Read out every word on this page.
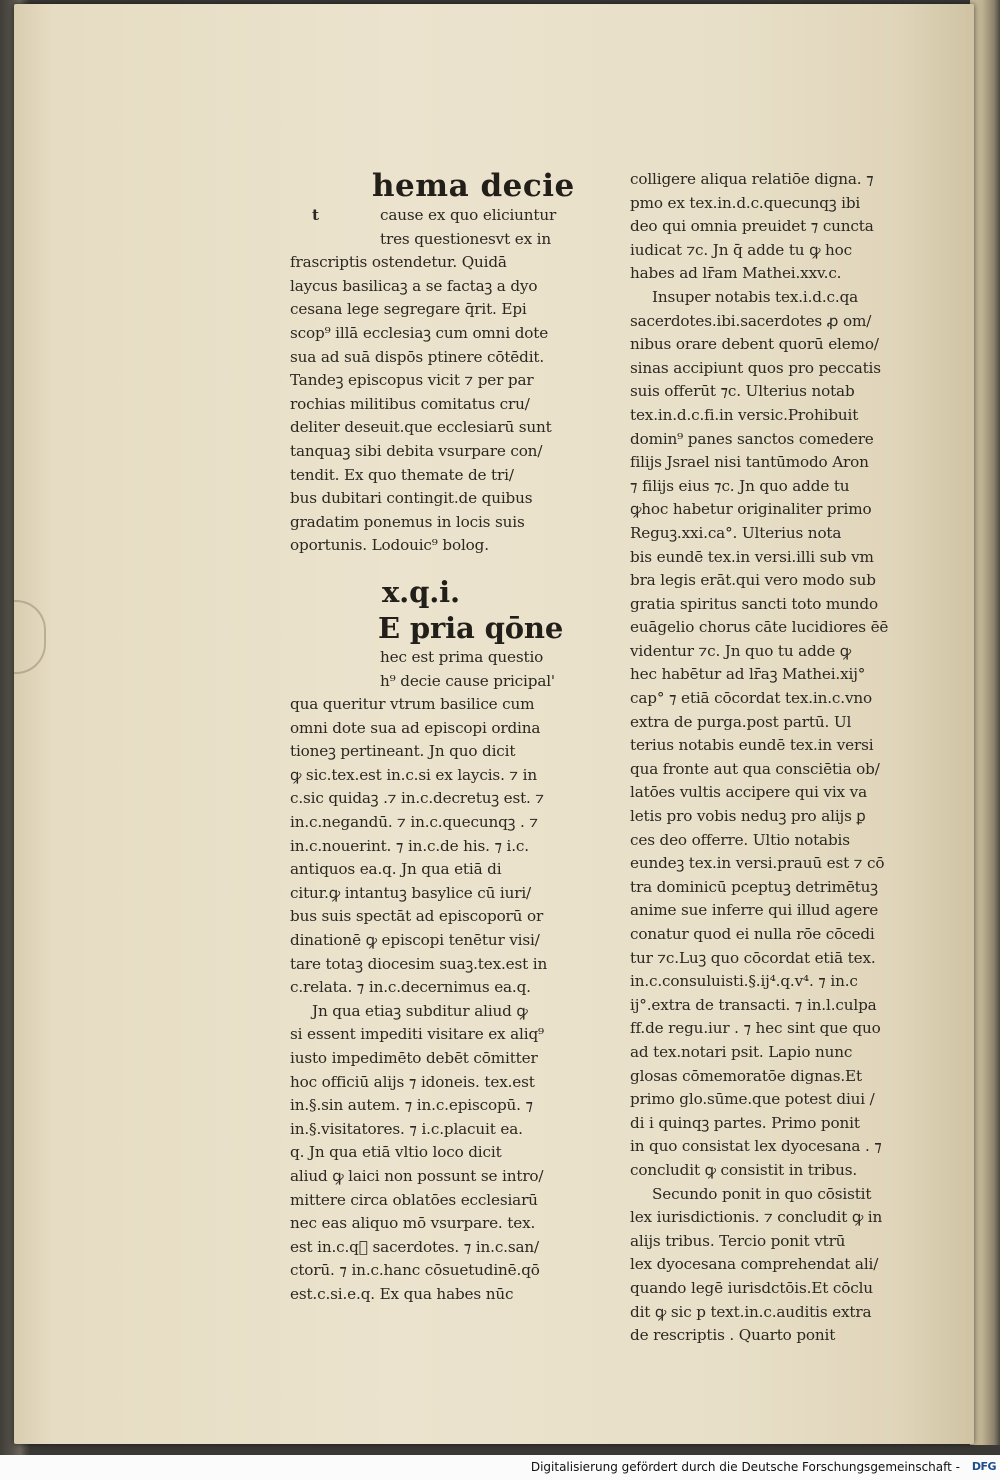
hema decie
t	cause ex quo eliciuntur
tres questionesvt ex in
frascriptis ostendetur. Quidā
laycus basilicaꝫ a se factaꝫ a dyo
cesana lege segregare q̄rit. Epi
scop⁹ illā ecclesiaꝫ cum omni dote
sua ad suā dispōs ptinere cōtēdit.
Tandeꝫ episcopus vicit ⁊ per par
rochias militibus comitatus cru/
deliter deseuit.que ecclesiarū sunt
tanquaꝫ sibi debita vsurpare con/
tendit. Ex quo themate de tri/
bus dubitari contingit.de quibus
gradatim ponemus in locis suis
oportunis. Lodouic⁹ bolog.
x.q.i.
E pria qōne
hec est prima questio
h⁹ decie cause pricipal'
qua queritur vtrum basilice cum
omni dote sua ad episcopi ordina
tioneꝫ pertineant. Jn quo dicit
ꝙ sic.tex.est in.c.si ex laycis. ⁊ in
c.sic quidaꝫ .⁊ in.c.decretuꝫ est. ⁊
in.c.negandū. ⁊ in.c.quecunqꝫ . ⁊
in.c.nouerint. ⁊ in.c.de his. ⁊ i.c.
antiquos ea.q. Jn qua etiā di
citur.ꝙ intantuꝫ basylice cū iuri/
bus suis spectāt ad episcoporū or
dinationē ꝙ episcopi tenētur visi/
tare totaꝫ diocesim suaꝫ.tex.est in
c.relata. ⁊ in.c.decernimus ea.q.
Jn qua etiaꝫ subditur aliud ꝙ
si essent impediti visitare ex aliq⁹
iusto impedimēto debēt cōmitter
hoc officiū alijs ⁊ idoneis. tex.est
in.§.sin autem. ⁊ in.c.episcopū. ⁊
in.§.visitatores. ⁊ i.c.placuit ea.
q. Jn qua etiā vltio loco dicit
aliud ꝙ laici non possunt se intro/
mittere circa oblatōes ecclesiarū
nec eas aliquo mō vsurpare. tex.
est in.c.q᷑ sacerdotes. ⁊ in.c.san/
ctorū. ⁊ in.c.hanc cōsuetudinē.qō
est.c.si.e.q. Ex qua habes nūc
colligere aliqua relatiōe digna. ⁊
pmo ex tex.in.d.c.quecunqꝫ ibi
deo qui omnia preuidet ⁊ cuncta
iudicat ⁊c. Jn q̄ adde tu ꝙ hoc
habes ad lr̄am Mathei.xxv.c.
Insuper notabis tex.i.d.c.qa
sacerdotes.ibi.sacerdotes ꝓ om/
nibus orare debent quorū elemo/
sinas accipiunt quos pro peccatis
suis offerūt ⁊c. Ulterius notab
tex.in.d.c.fi.in versic.Prohibuit
domin⁹ panes sanctos comedere
filijs Jsrael nisi tantūmodo Aron
⁊ filijs eius ⁊c. Jn quo adde tu
ꝙhoc habetur originaliter primo
Reguꝫ.xxi.ca°. Ulterius nota
bis eundē tex.in versi.illi sub vm
bra legis erāt.qui vero modo sub
gratia spiritus sancti toto mundo
euāgelio chorus cāte lucidiores ēē
videntur ⁊c. Jn quo tu adde ꝙ
hec habētur ad lr̄aꝫ Mathei.xij°
cap° ⁊ etiā cōcordat tex.in.c.vno
extra de purga.post partū. Ul
terius notabis eundē tex.in versi
qua fronte aut qua consciētia ob/
latōes vultis accipere qui vix va
letis pro vobis neduꝫ pro alijs ꝑ
ces deo offerre. Ultio notabis
eundeꝫ tex.in versi.prauū est ⁊ cō
tra dominicū pceptuꝫ detrimētuꝫ
anime sue inferre qui illud agere
conatur quod ei nulla rōe cōcedi
tur ⁊c.Luꝫ quo cōcordat etiā tex.
in.c.consuluisti.§.ij⁴.q.v⁴. ⁊ in.c
ij°.extra de transacti. ⁊ in.l.culpa
ff.de regu.iur . ⁊ hec sint que quo
ad tex.notari psit. Lapio nunc
glosas cōmemoratōe dignas.Et
primo glo.sūme.que potest diui /
di i quinqꝫ partes. Primo ponit
in quo consistat lex dyocesana . ⁊
concludit ꝙ consistit in tribus.
Secundo ponit in quo cōsistit
lex iurisdictionis. ⁊ concludit ꝙ in
alijs tribus. Tercio ponit vtrū
lex dyocesana comprehendat ali/
quando legē iurisdctōis.Et cōclu
dit ꝙ sic p text.in.c.auditis extra
de rescriptis . Quarto ponit
Digitalisierung gefördert durch die Deutsche Forschungsgemeinschaft - DFG
